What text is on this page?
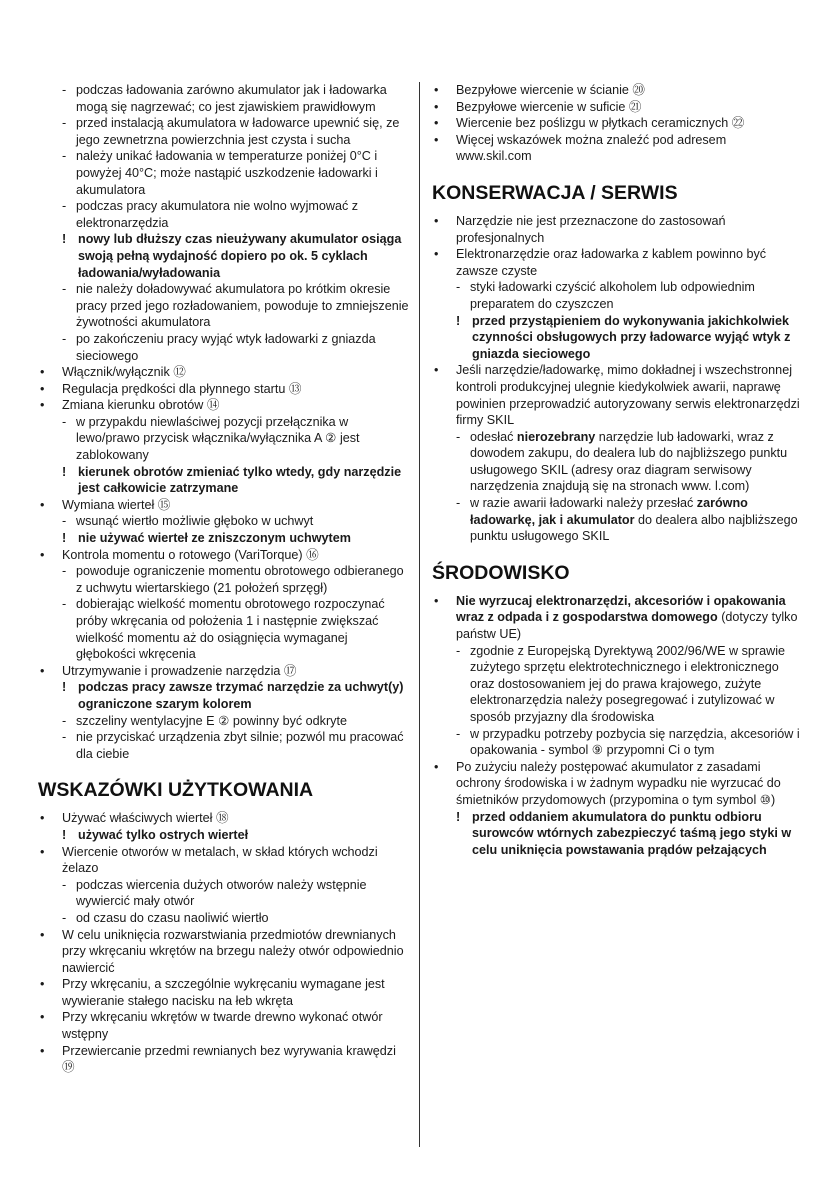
- podczas ładowania zarówno akumulator jak i ładowarka mogą się nagrzewać; co jest zjawiskiem prawidłowym

- przed instalacją akumulatora w ładowarce upewnić się, ze jego zewnetrzna powierzchnia jest czysta i sucha

- należy unikać ładowania w temperaturze poniżej 0°C i powyżej 40°C; może nastąpić uszkodzenie ładowarki i akumulatora

- podczas pracy akumulatora nie wolno wyjmować z elektronarzędzia

! nowy lub dłuższy czas nieużywany akumulator osiąga swoją pełną wydajność dopiero po ok. 5 cyklach ładowania/wyładowania

- nie należy doładowywać akumulatora po krótkim okresie pracy przed jego rozładowaniem, powoduje to zmniejszenie żywotności akumulatora

- po zakończeniu pracy wyjąć wtyk ładowarki z gniazda sieciowego

• Włącznik/wyłącznik ⑫

• Regulacja prędkości dla płynnego startu ⑬

• Zmiana kierunku obrotów ⑭

- w przypakdu niewlaściwej pozycji przełącznika w lewo/prawo przycisk włącznika/wyłącznika A ② jest zablokowany

! kierunek obrotów zmieniać tylko wtedy, gdy narzędzie jest całkowicie zatrzymane

• Wymiana wierteł ⑮

- wsunąć wiertło możliwie głęboko w uchwyt

! nie używać wierteł ze zniszczonym uchwytem

• Kontrola momentu o rotowego (VariTorque) ⑯

- powoduje ograniczenie momentu obrotowego odbieranego z uchwytu wiertarskiego (21 położeń sprzęgł)

- dobierając wielkość momentu obrotowego rozpoczynać próby wkręcania od położenia 1 i następnie zwiększać wielkość momentu aż do osiągnięcia wymaganej głębokości wkręcenia

• Utrzymywanie i prowadzenie narzędzia ⑰

! podczas pracy zawsze trzymać narzędzie za uchwyt(y) ograniczone szarym kolorem

- szczeliny wentylacyjne E ② powinny być odkryte

- nie przyciskać urządzenia zbyt silnie; pozwól mu pracować dla ciebie

WSKAZÓWKI UŻYTKOWANIA

• Używać właściwych wierteł ⑱

! używać tylko ostrych wierteł

• Wiercenie otworów w metalach, w skład których wchodzi żelazo

- podczas wiercenia dużych otworów należy wstępnie wywiercić mały otwór

- od czasu do czasu naoliwić wiertło

• W celu uniknięcia rozwarstwiania przedmiotów drewnianych przy wkręcaniu wkrętów na brzegu należy otwór odpowiednio nawiercić

• Przy wkręcaniu, a szczególnie wykręcaniu wymagane jest wywieranie stałego nacisku na łeb wkręta

• Przy wkręcaniu wkrętów w twarde drewno wykonać otwór wstępny

• Przewiercanie przedmi rewnianych bez wyrywania krawędzi ⑲

• Bezpyłowe wiercenie w ścianie ⑳

• Bezpyłowe wiercenie w suficie ㉑

• Wiercenie bez poślizgu w płytkach ceramicznych ㉒

• Więcej wskazówek można znaleźć pod adresem www.skil.com

KONSERWACJA / SERWIS

• Narzędzie nie jest przeznaczone do zastosowań profesjonalnych

• Elektronarzędzie oraz ładowarka z kablem powinno być zawsze czyste

- styki ładowarki czyścić alkoholem lub odpowiednim preparatem do czyszczen

! przed przystąpieniem do wykonywania jakichkolwiek czynności obsługowych przy ładowarce wyjąć wtyk z gniazda sieciowego

• Jeśli narzędzie/ładowarkę, mimo dokładnej i wszechstronnej kontroli produkcyjnej ulegnie kiedykolwiek awarii, naprawę powinien przeprowadzić autoryzowany serwis elektronarzędzi firmy SKIL

- odesłać nierozebrany narzędzie lub ładowarki, wraz z dowodem zakupu, do dealera lub do najbliższego punktu usługowego SKIL (adresy oraz diagram serwisowy narzędzenia znajdują się na stronach www. l.com)

- w razie awarii ładowarki należy przesłać zarówno ładowarkę, jak i akumulator do dealera albo najbliższego punktu usługowego SKIL

ŚRODOWISKO

• Nie wyrzucaj elektronarzędzi, akcesoriów i opakowania wraz z odpada i z gospodarstwa domowego (dotyczy tylko państw UE)

- zgodnie z Europejską Dyrektywą 2002/96/WE w sprawie zużytego sprzętu elektrotechnicznego i elektronicznego oraz dostosowaniem jej do prawa krajowego, zużyte elektronarzędzia należy posegregować i zutylizować w sposób przyjazny dla środowiska

- w przypadku potrzeby pozbycia się narzędzia, akcesoriów i opakowania - symbol ⑨ przypomni Ci o tym

• Po zużyciu należy postępować akumulator z zasadami ochrony środowiska i w żadnym wypadku nie wyrzucać do śmietników przydomowych (przypomina o tym symbol ⑩)

! przed oddaniem akumulatora do punktu odbioru surowców wtórnych zabezpieczyć taśmą jego styki w celu uniknięcia powstawania prądów pełzających
